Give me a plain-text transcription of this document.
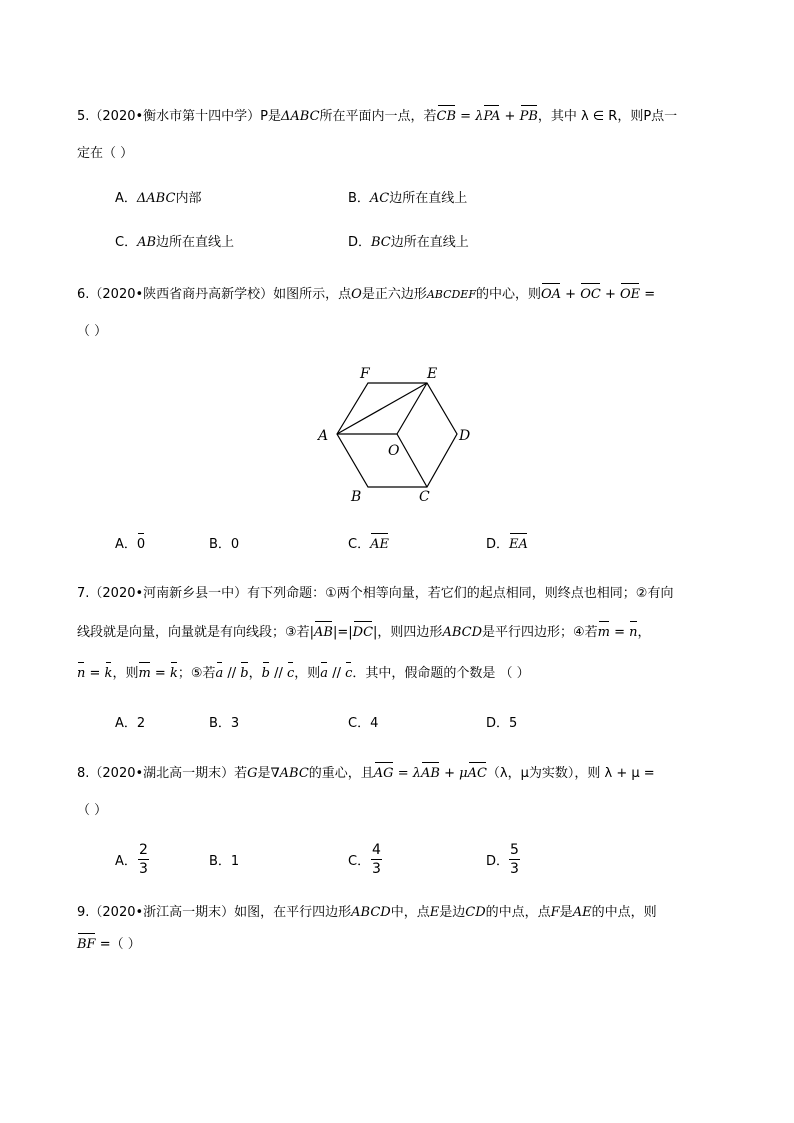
5.（2020•衡水市第十四中学）P是ΔABC所在平面内一点，若CB = λPA + PB，其中 λ ∈ R，则P点一
定在（ ）
A．ΔABC内部	B．AC边所在直线上
C．AB边所在直线上	D．BC边所在直线上
6.（2020•陕西省商丹高新学校）如图所示，点O是正六边形ABCDEF的中心，则OA + OC + OE =
（ ）
F	E
A	D
O
B	C
A．0	B．0	C．AE	D．EA
7.（2020•河南新乡县一中）有下列命题：①两个相等向量，若它们的起点相同，则终点也相同；②有向
线段就是向量，向量就是有向线段；③若|AB|=|DC|，则四边形ABCD是平行四边形；④若m = n，
n = k，则m = k；⑤若a // b，b // c，则a // c．其中，假命题的个数是 （ ）
A．2	B．3	C．4	D．5
8.（2020•湖北高一期末）若G是∇ABC的重心，且AG = λAB + μAC（λ，μ为实数），则 λ + μ =
（ ）
A．
2
3	B．1	C．
4
3	D．
5
3
9.（2020•浙江高一期末）如图，在平行四边形ABCD中，点E是边CD的中点，点F是AE的中点，则
BF =（ ）
